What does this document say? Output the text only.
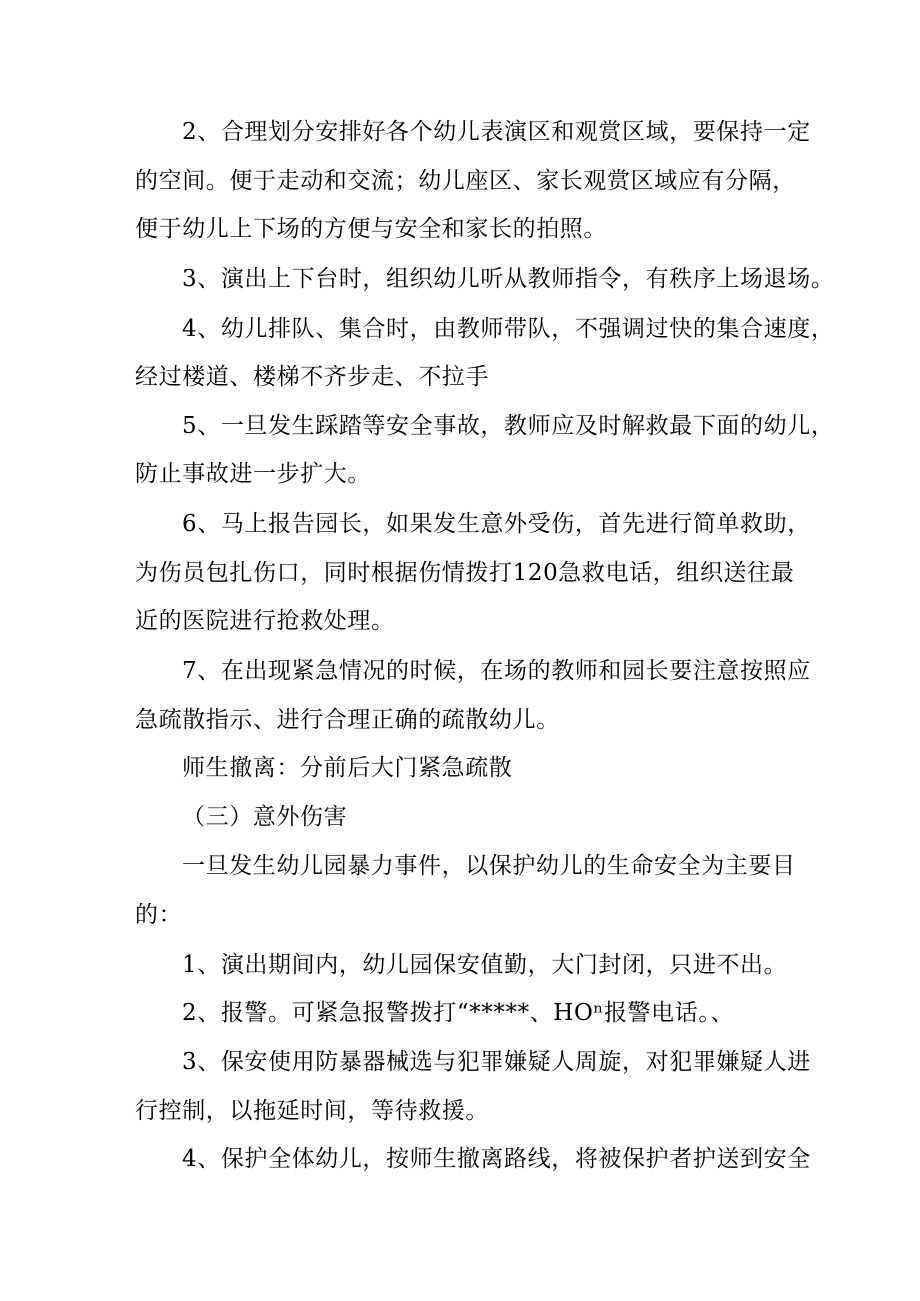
2、合理划分安排好各个幼儿表演区和观赏区域，要保持一定
的空间。便于走动和交流；幼儿座区、家长观赏区域应有分隔，
便于幼儿上下场的方便与安全和家长的拍照。
3、演出上下台时，组织幼儿听从教师指令，有秩序上场退场。
4、幼儿排队、集合时，由教师带队，不强调过快的集合速度，
经过楼道、楼梯不齐步走、不拉手
5、一旦发生踩踏等安全事故，教师应及时解救最下面的幼儿，
防止事故进一步扩大。
6、马上报告园长，如果发生意外受伤，首先进行简单救助，
为伤员包扎伤口，同时根据伤情拨打120急救电话，组织送往最
近的医院进行抢救处理。
7、在出现紧急情况的时候，在场的教师和园长要注意按照应
急疏散指示、进行合理正确的疏散幼儿。
师生撤离：分前后大门紧急疏散
（三）意外伤害
一旦发生幼儿园暴力事件，以保护幼儿的生命安全为主要目
的：
1、演出期间内，幼儿园保安值勤，大门封闭，只进不出。
2、报警。可紧急报警拨打“*****、HOⁿ报警电话。、
3、保安使用防暴器械选与犯罪嫌疑人周旋，对犯罪嫌疑人进
行控制，以拖延时间，等待救援。
4、保护全体幼儿，按师生撤离路线，将被保护者护送到安全
